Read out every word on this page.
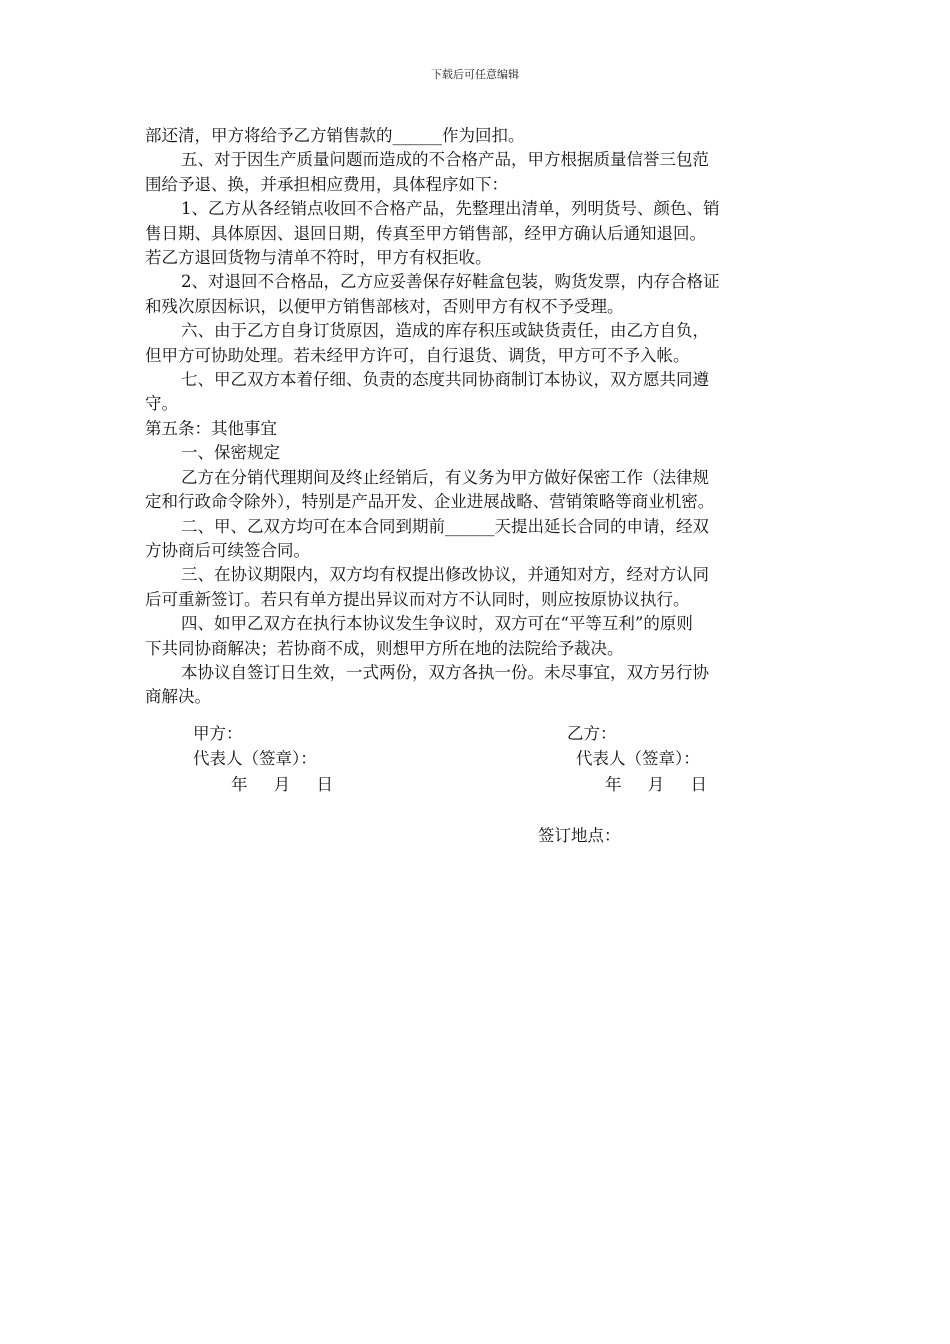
下载后可任意编辑

部还清，甲方将给予乙方销售款的______作为回扣。

五、对于因生产质量问题而造成的不合格产品，甲方根据质量信誉三包范

围给予退、换，并承担相应费用，具体程序如下：

1、乙方从各经销点收回不合格产品，先整理出清单，列明货号、颜色、销

售日期、具体原因、退回日期，传真至甲方销售部，经甲方确认后通知退回。

若乙方退回货物与清单不符时，甲方有权拒收。

2、对退回不合格品，乙方应妥善保存好鞋盒包装，购货发票，内存合格证

和残次原因标识，以便甲方销售部核对，否则甲方有权不予受理。

六、由于乙方自身订货原因，造成的库存积压或缺货责任，由乙方自负，

但甲方可协助处理。若未经甲方许可，自行退货、调货，甲方可不予入帐。

七、甲乙双方本着仔细、负责的态度共同协商制订本协议，双方愿共同遵

守。

第五条：其他事宜

一、保密规定

乙方在分销代理期间及终止经销后，有义务为甲方做好保密工作（法律规

定和行政命令除外），特别是产品开发、企业进展战略、营销策略等商业机密。

二、甲、乙双方均可在本合同到期前______天提出延长合同的申请，经双

方协商后可续签合同。

三、在协议期限内，双方均有权提出修改协议，并通知对方，经对方认同

后可重新签订。若只有单方提出异议而对方不认同时，则应按原协议执行。

四、如甲乙双方在执行本协议发生争议时，双方可在“平等互利”的原则

下共同协商解决；若协商不成，则想甲方所在地的法院给予裁决。

本协议自签订日生效，一式两份，双方各执一份。未尽事宜，双方另行协

商解决。

甲方：	乙方：
代表人（签章）：	代表人（签章）：
年     月     日	年     月     日
签订地点：
